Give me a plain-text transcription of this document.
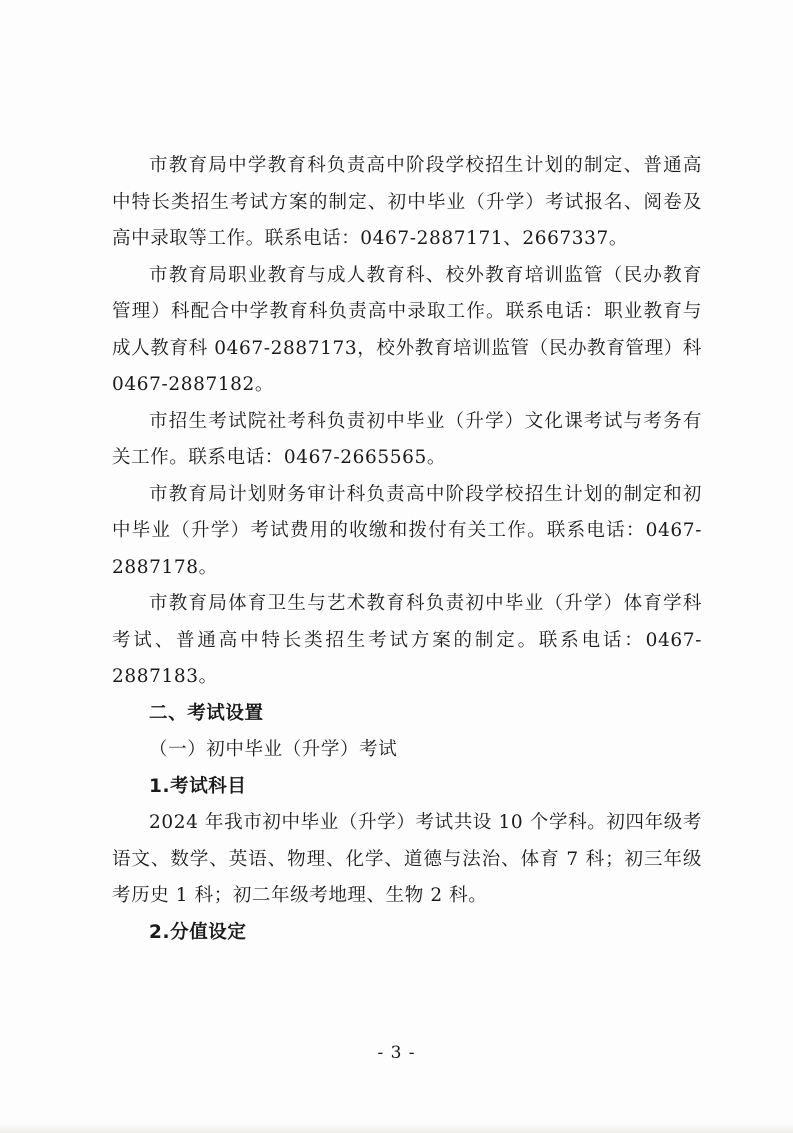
市教育局中学教育科负责高中阶段学校招生计划的制定、普通高中特长类招生考试方案的制定、初中毕业（升学）考试报名、阅卷及高中录取等工作。联系电话：0467-2887171、2667337。

市教育局职业教育与成人教育科、校外教育培训监管（民办教育管理）科配合中学教育科负责高中录取工作。联系电话：职业教育与成人教育科 0467-2887173，校外教育培训监管（民办教育管理）科 0467-2887182。

市招生考试院社考科负责初中毕业（升学）文化课考试与考务有关工作。联系电话：0467-2665565。

市教育局计划财务审计科负责高中阶段学校招生计划的制定和初中毕业（升学）考试费用的收缴和拨付有关工作。联系电话：0467-2887178。

市教育局体育卫生与艺术教育科负责初中毕业（升学）体育学科考试、普通高中特长类招生考试方案的制定。联系电话：0467-2887183。

二、考试设置

（一）初中毕业（升学）考试

1.考试科目

2024 年我市初中毕业（升学）考试共设 10 个学科。初四年级考语文、数学、英语、物理、化学、道德与法治、体育 7 科；初三年级考历史 1 科；初二年级考地理、生物 2 科。

2.分值设定

- 3 -
